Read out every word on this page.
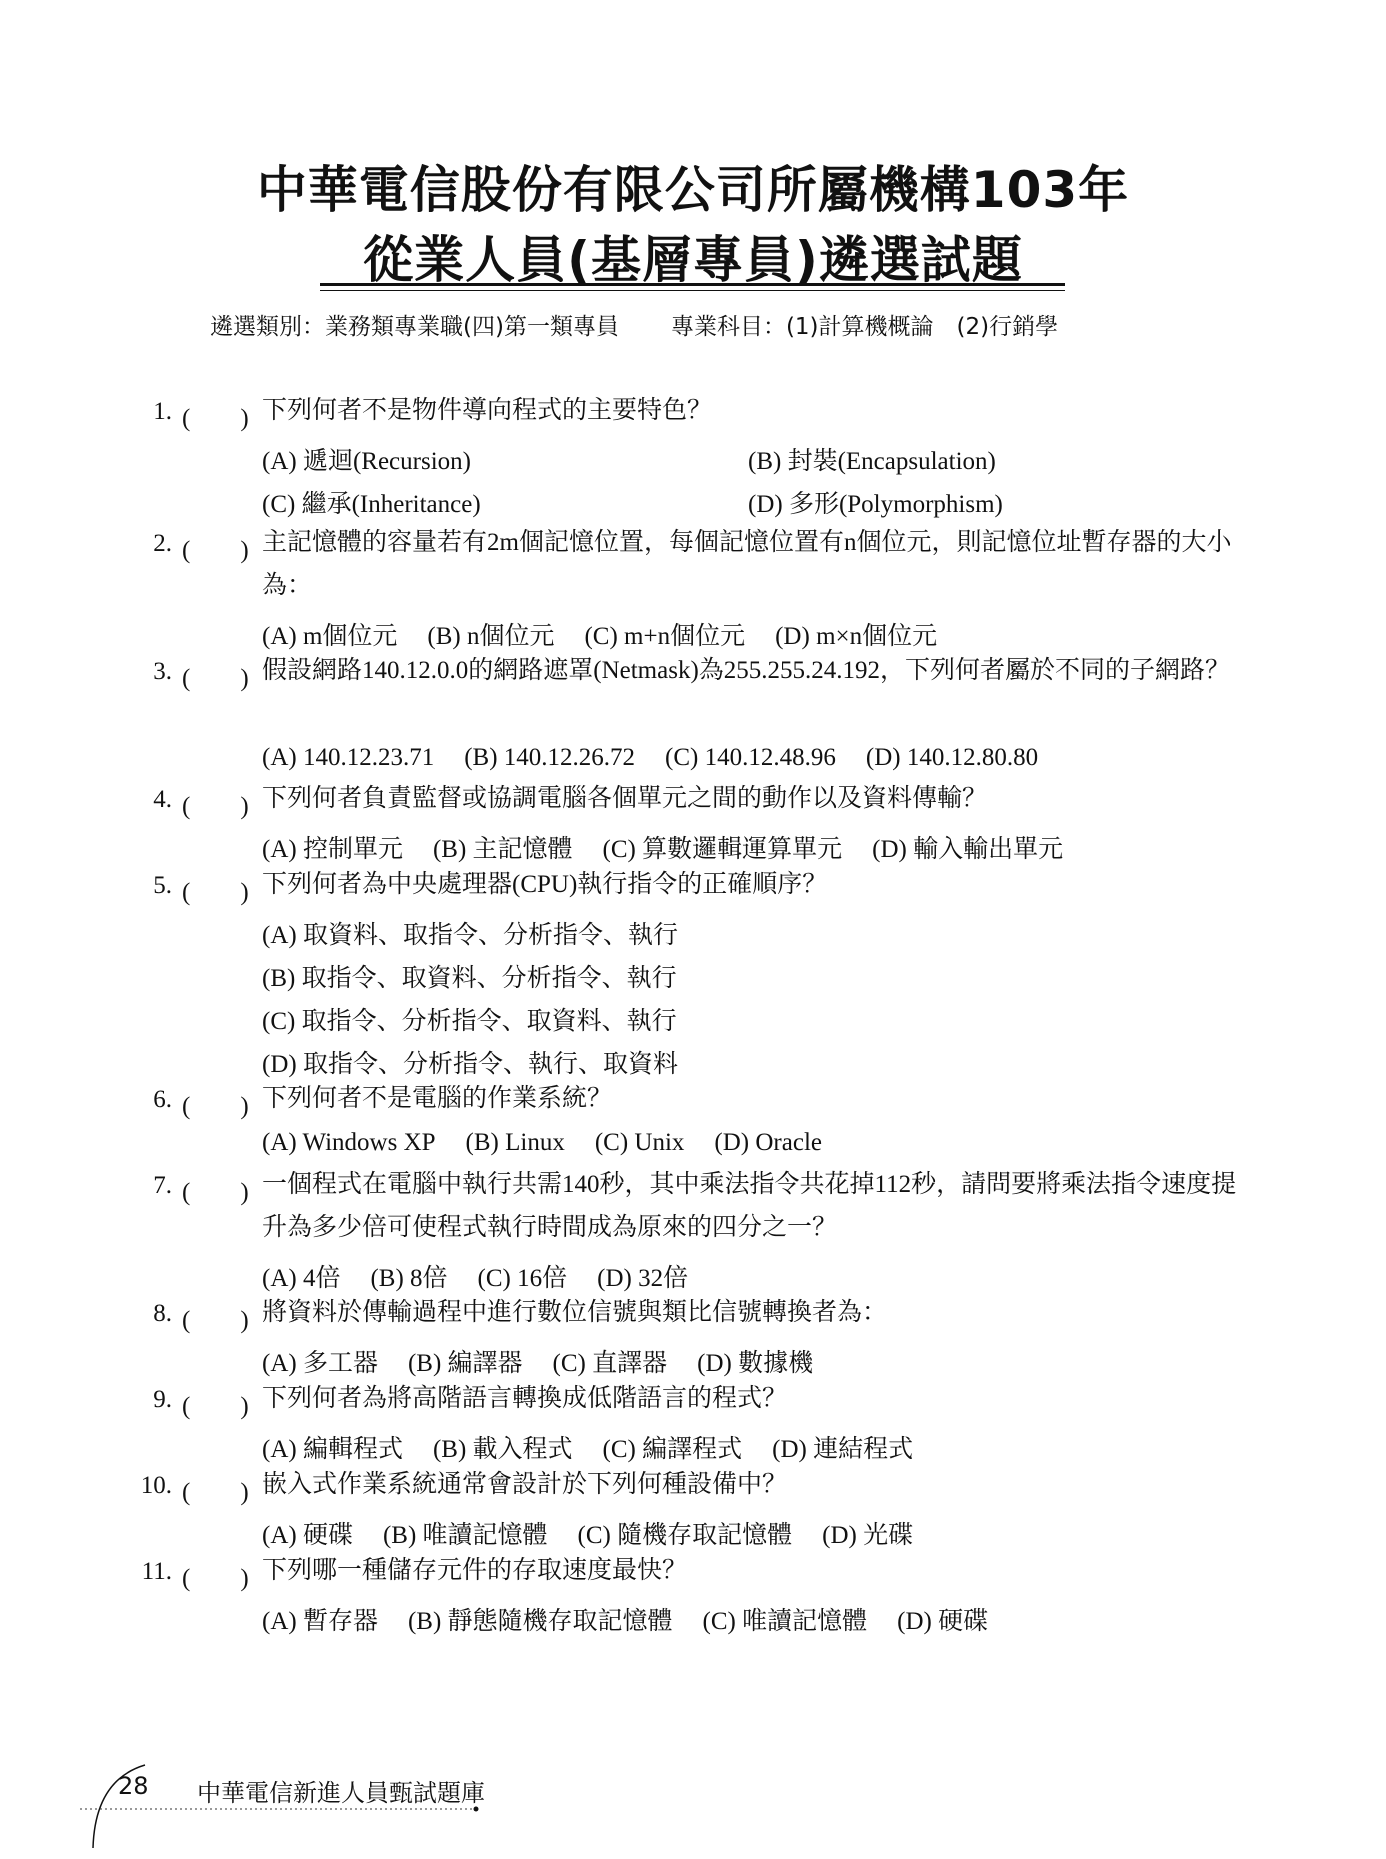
中華電信股份有限公司所屬機構103年
從業人員(基層專員)遴選試題
遴選類別：業務類專業職(四)第一類專員 專業科目：(1)計算機概論　(2)行銷學
1. (　　) 下列何者不是物件導向程式的主要特色？
(A) 遞迴(Recursion)	(B) 封裝(Encapsulation)
(C) 繼承(Inheritance)	(D) 多形(Polymorphism)
2. (　　) 主記憶體的容量若有2m個記憶位置，每個記憶位置有n個位元，則記憶位址暫存器的大小為：
(A) m個位元 (B) n個位元 (C) m+n個位元 (D) m×n個位元
3. (　　) 假設網路140.12.0.0的網路遮罩(Netmask)為255.255.24.192，下列何者屬於不同的子網路？
(A) 140.12.23.71 (B) 140.12.26.72 (C) 140.12.48.96 (D) 140.12.80.80
4. (　　) 下列何者負責監督或協調電腦各個單元之間的動作以及資料傳輸？
(A) 控制單元 (B) 主記憶體 (C) 算數邏輯運算單元 (D) 輸入輸出單元
5. (　　) 下列何者為中央處理器(CPU)執行指令的正確順序？
(A) 取資料、取指令、分析指令、執行
(B) 取指令、取資料、分析指令、執行
(C) 取指令、分析指令、取資料、執行
(D) 取指令、分析指令、執行、取資料
6. (　　) 下列何者不是電腦的作業系統？
(A) Windows XP (B) Linux (C) Unix (D) Oracle
7. (　　) 一個程式在電腦中執行共需140秒，其中乘法指令共花掉112秒，請問要將乘法指令速度提升為多少倍可使程式執行時間成為原來的四分之一？
(A) 4倍 (B) 8倍 (C) 16倍 (D) 32倍
8. (　　) 將資料於傳輸過程中進行數位信號與類比信號轉換者為：
(A) 多工器 (B) 編譯器 (C) 直譯器 (D) 數據機
9. (　　) 下列何者為將高階語言轉換成低階語言的程式？
(A) 編輯程式 (B) 載入程式 (C) 編譯程式 (D) 連結程式
10. (　　) 嵌入式作業系統通常會設計於下列何種設備中？
(A) 硬碟 (B) 唯讀記憶體 (C) 隨機存取記憶體 (D) 光碟
11. (　　) 下列哪一種儲存元件的存取速度最快？
(A) 暫存器 (B) 靜態隨機存取記憶體 (C) 唯讀記憶體 (D) 硬碟
28 中華電信新進人員甄試題庫
